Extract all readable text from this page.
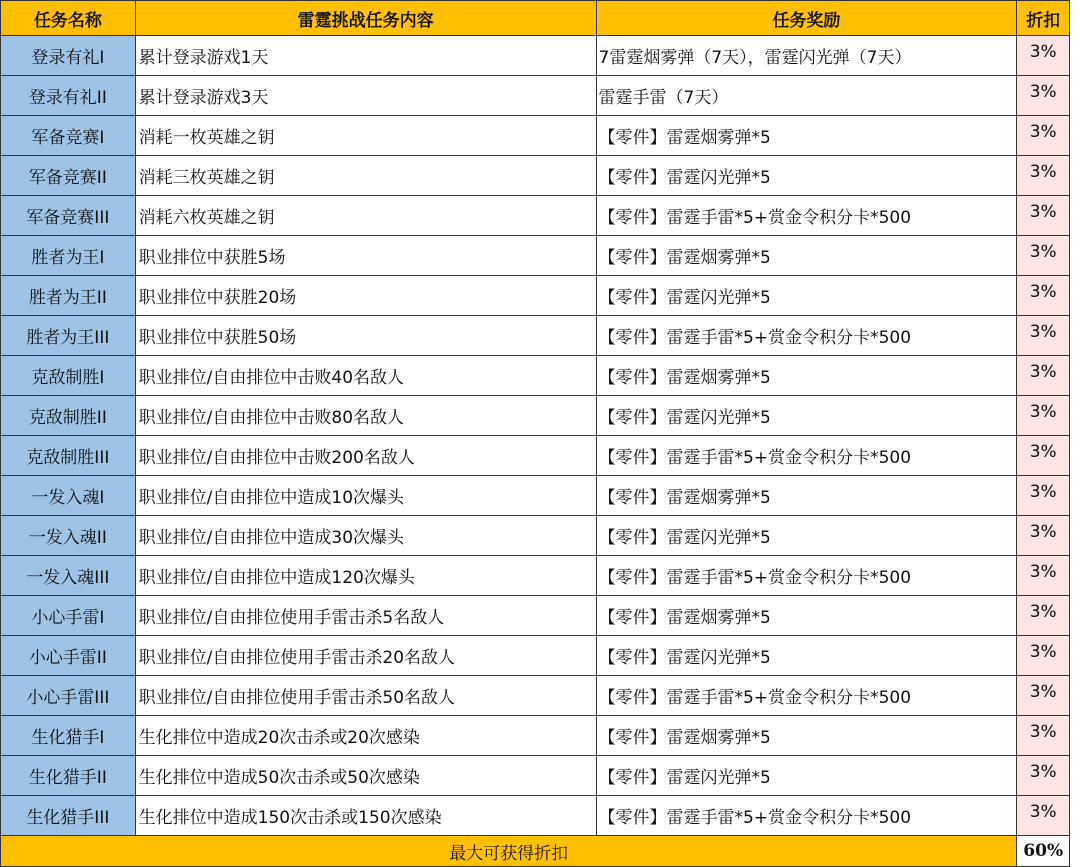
任务名称	雷霆挑战任务内容	任务奖励	折扣
登录有礼I	累计登录游戏1天	7雷霆烟雾弹（7天），雷霆闪光弹（7天）	3%
登录有礼II	累计登录游戏3天	雷霆手雷（7天）	3%
军备竞赛I	消耗一枚英雄之钥	【零件】雷霆烟雾弹*5	3%
军备竞赛II	消耗三枚英雄之钥	【零件】雷霆闪光弹*5	3%
军备竞赛III	消耗六枚英雄之钥	【零件】雷霆手雷*5+赏金令积分卡*500	3%
胜者为王I	职业排位中获胜5场	【零件】雷霆烟雾弹*5	3%
胜者为王II	职业排位中获胜20场	【零件】雷霆闪光弹*5	3%
胜者为王III	职业排位中获胜50场	【零件】雷霆手雷*5+赏金令积分卡*500	3%
克敌制胜I	职业排位/自由排位中击败40名敌人	【零件】雷霆烟雾弹*5	3%
克敌制胜II	职业排位/自由排位中击败80名敌人	【零件】雷霆闪光弹*5	3%
克敌制胜III	职业排位/自由排位中击败200名敌人	【零件】雷霆手雷*5+赏金令积分卡*500	3%
一发入魂I	职业排位/自由排位中造成10次爆头	【零件】雷霆烟雾弹*5	3%
一发入魂II	职业排位/自由排位中造成30次爆头	【零件】雷霆闪光弹*5	3%
一发入魂III	职业排位/自由排位中造成120次爆头	【零件】雷霆手雷*5+赏金令积分卡*500	3%
小心手雷I	职业排位/自由排位使用手雷击杀5名敌人	【零件】雷霆烟雾弹*5	3%
小心手雷II	职业排位/自由排位使用手雷击杀20名敌人	【零件】雷霆闪光弹*5	3%
小心手雷III	职业排位/自由排位使用手雷击杀50名敌人	【零件】雷霆手雷*5+赏金令积分卡*500	3%
生化猎手I	生化排位中造成20次击杀或20次感染	【零件】雷霆烟雾弹*5	3%
生化猎手II	生化排位中造成50次击杀或50次感染	【零件】雷霆闪光弹*5	3%
生化猎手III	生化排位中造成150次击杀或150次感染	【零件】雷霆手雷*5+赏金令积分卡*500	3%
最大可获得折扣			60%
